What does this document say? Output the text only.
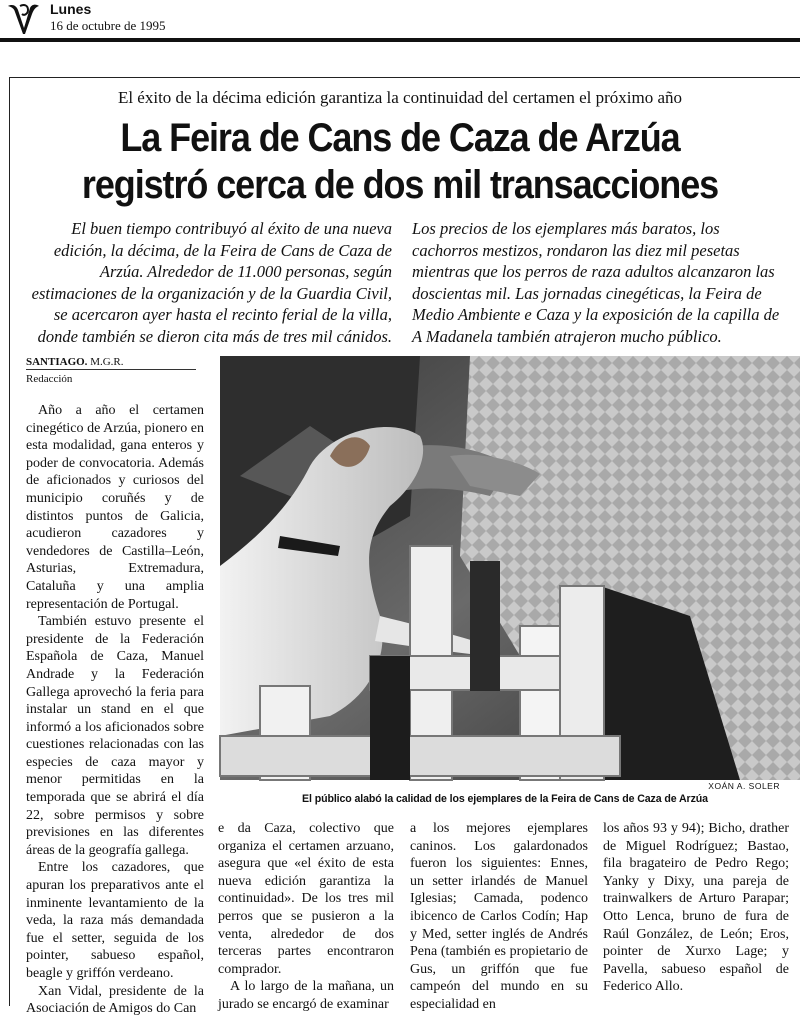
Lunes
16 de octubre de 1995
El éxito de la décima edición garantiza la continuidad del certamen el próximo año
La Feira de Cans de Caza de Arzúa
registró cerca de dos mil transacciones
El buen tiempo contribuyó al éxito de una nueva edición, la décima, de la Feira de Cans de Caza de Arzúa. Alrededor de 11.000 personas, según estimaciones de la organización y de la Guardia Civil, se acercaron ayer hasta el recinto ferial de la villa, donde también se dieron cita más de tres mil cánidos.
Los precios de los ejemplares más baratos, los cachorros mestizos, rondaron las diez mil pesetas mientras que los perros de raza adultos alcanzaron las doscientas mil. Las jornadas cinegéticas, la Feira de Medio Ambiente e Caza y la exposición de la capilla de A Madanela también atrajeron mucho público.
SANTIAGO. M.G.R.
Redacción

Año a año el certamen cinegético de Arzúa, pionero en esta modalidad, gana enteros y poder de convocatoria. Además de aficionados y curiosos del municipio coruñés y de distintos puntos de Galicia, acudieron cazadores y vendedores de Castilla–León, Asturias, Extremadura, Cataluña y una amplia representación de Portugal.

También estuvo presente el presidente de la Federación Española de Caza, Manuel Andrade y la Federación Gallega aprovechó la feria para instalar un stand en el que informó a los aficionados sobre cuestiones relacionadas con las especies de caza mayor y menor permitidas en la temporada que se abrirá el día 22, sobre permisos y sobre previsiones en las diferentes áreas de la geografía gallega.

Entre los cazadores, que apuran los preparativos ante el inminente levantamiento de la veda, la raza más demandada fue el setter, seguida de los pointer, sabueso español, beagle y griffón verdeano.

Xan Vidal, presidente de la Asociación de Amigos do Can

XOÁN A. SOLER
El público alabó la calidad de los ejemplares de la Feira de Cans de Caza de Arzúa

e da Caza, colectivo que organiza el certamen arzuano, asegura que «el éxito de esta nueva edición garantiza la continuidad». De los tres mil perros que se pusieron a la venta, alrededor de dos terceras partes encontraron comprador.

A lo largo de la mañana, un jurado se encargó de examinar

a los mejores ejemplares caninos. Los galardonados fueron los siguientes: Ennes, un setter irlandés de Manuel Iglesias; Camada, podenco ibicenco de Carlos Codín; Hap y Med, setter inglés de Andrés Pena (también es propietario de Gus, un griffón que fue campeón del mundo en su especialidad en

los años 93 y 94); Bicho, drather de Miguel Rodríguez; Bastao, fila bragateiro de Pedro Rego; Yanky y Dixy, una pareja de trainwalkers de Arturo Parapar; Otto Lenca, bruno de fura de Raúl González, de León; Eros, pointer de Xurxo Lage; y Pavella, sabueso español de Federico Allo.
